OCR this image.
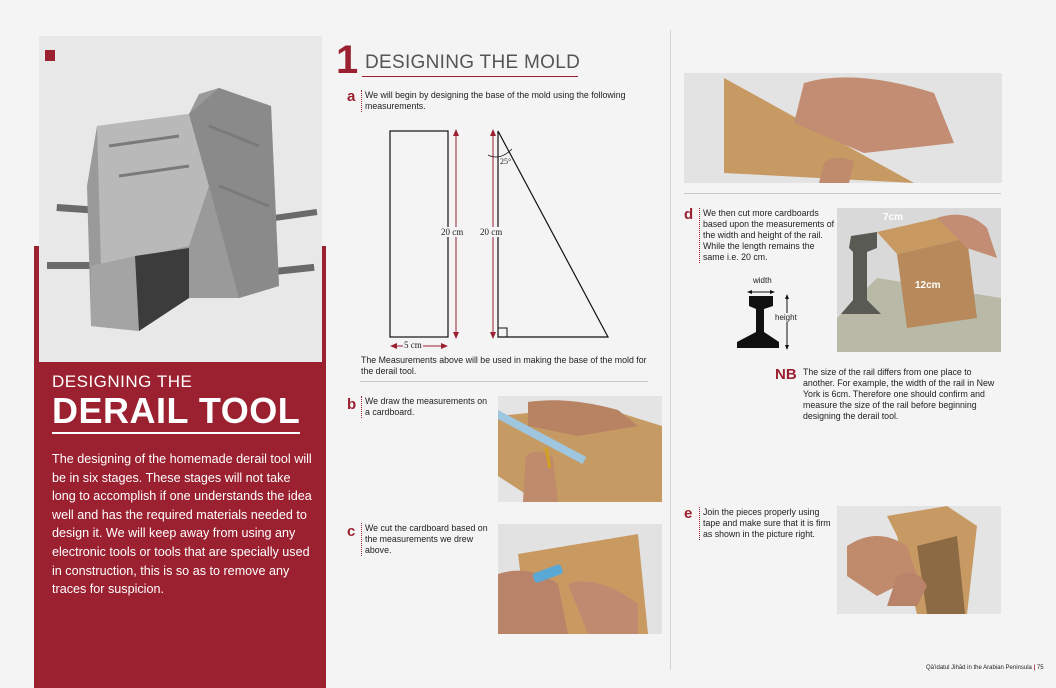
DESIGNING THE
DERAIL TOOL
The designing of the homemade derail tool will be in six stages. These stages will not take long to accomplish if one understands the idea well and has the required materials needed to design it. We will keep away from using any electronic tools or tools that are specially used in construction, this is so as to remove any traces for suspicion.
1 DESIGNING THE MOLD
a	We will begin by designing the base of the mold using the following measurements.
20 cm 20 cm
25°
5 cm
The Measurements above will be used in making the base of the mold for the derail tool.
b	We draw the measurements on a cardboard.
c	We cut the cardboard based on the measurements we drew above.
d	We then cut more cardboards based upon the measurements of the width and height of the rail. While the length remains the same i.e. 20 cm.
width
height
7cm
12cm
NB The size of the rail differs from one place to another. For example, the width of the rail in New York is 6cm. Therefore one should confirm and measure the size of the rail before beginning designing the derail tool.
e	Join the pieces properly using tape and make sure that it is firm as shown in the picture right.
Qā'idatul Jihād in the Arabian Peninsula | 75
